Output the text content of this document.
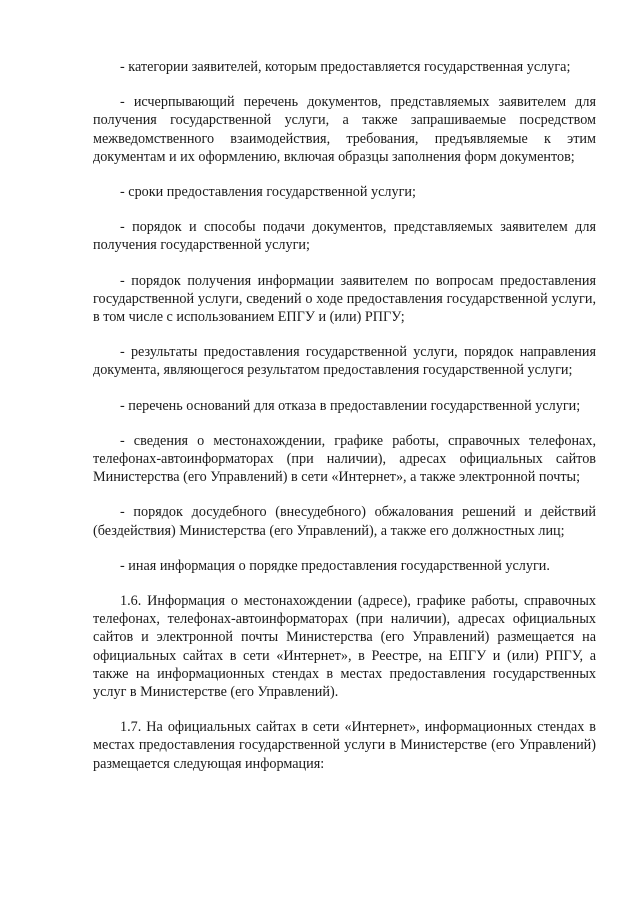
- категории заявителей, которым предоставляется государственная услуга;

- исчерпывающий перечень документов, представляемых заявителем для получения государственной услуги, а также запрашиваемые посредством межведомственного взаимодействия, требования, предъявляемые к этим документам и их оформлению, включая образцы заполнения форм документов;

- сроки предоставления государственной услуги;

- порядок и способы подачи документов, представляемых заявителем для получения государственной услуги;

- порядок получения информации заявителем по вопросам предоставления государственной услуги, сведений о ходе предоставления государственной услуги, в том числе с использованием ЕПГУ и (или) РПГУ;

- результаты предоставления государственной услуги, порядок направления документа, являющегося результатом предоставления государственной услуги;

- перечень оснований для отказа в предоставлении государственной услуги;

- сведения о местонахождении, графике работы, справочных телефонах, телефонах-автоинформаторах (при наличии), адресах официальных сайтов Министерства (его Управлений) в сети «Интернет», а также электронной почты;

- порядок досудебного (внесудебного) обжалования решений и действий (бездействия) Министерства (его Управлений), а также его должностных лиц;

- иная информация о порядке предоставления государственной услуги.

1.6. Информация о местонахождении (адресе), графике работы, справочных телефонах, телефонах-автоинформаторах (при наличии), адресах официальных сайтов и электронной почты Министерства (его Управлений) размещается на официальных сайтах в сети «Интернет», в Реестре, на ЕПГУ и (или) РПГУ, а также на информационных стендах в местах предоставления государственных услуг в Министерстве (его Управлений).

1.7. На официальных сайтах в сети «Интернет», информационных стендах в местах предоставления государственной услуги в Министерстве (его Управлений) размещается следующая информация:
